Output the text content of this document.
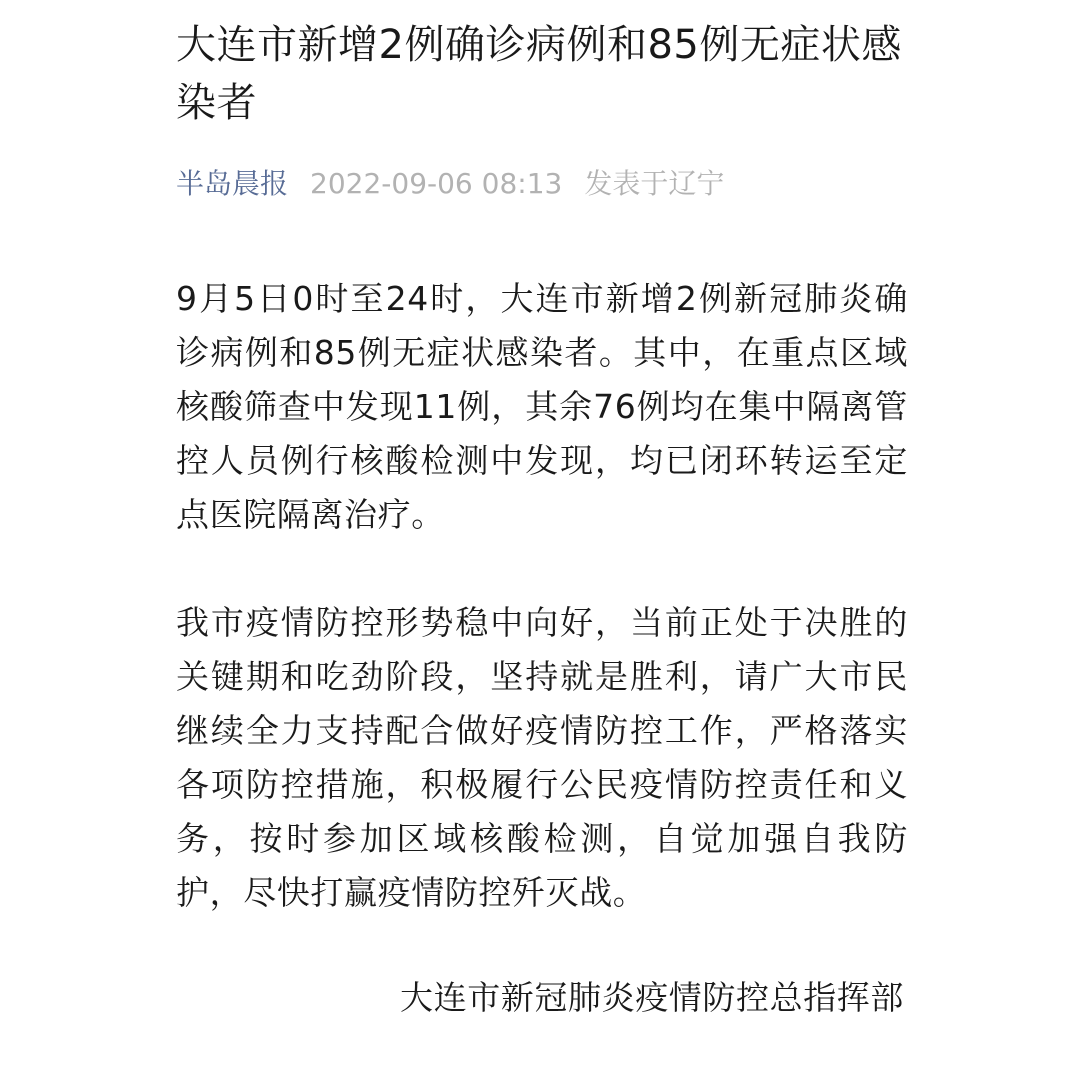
大连市新增2例确诊病例和85例无症状感染者
半岛晨报 2022-09-06 08:13 发表于辽宁

9月5日0时至24时，大连市新增2例新冠肺炎确诊病例和85例无症状感染者。其中，在重点区域核酸筛查中发现11例，其余76例均在集中隔离管控人员例行核酸检测中发现，均已闭环转运至定点医院隔离治疗。

我市疫情防控形势稳中向好，当前正处于决胜的关键期和吃劲阶段，坚持就是胜利，请广大市民继续全力支持配合做好疫情防控工作，严格落实各项防控措施，积极履行公民疫情防控责任和义务，按时参加区域核酸检测，自觉加强自我防护，尽快打赢疫情防控歼灭战。

大连市新冠肺炎疫情防控总指挥部
